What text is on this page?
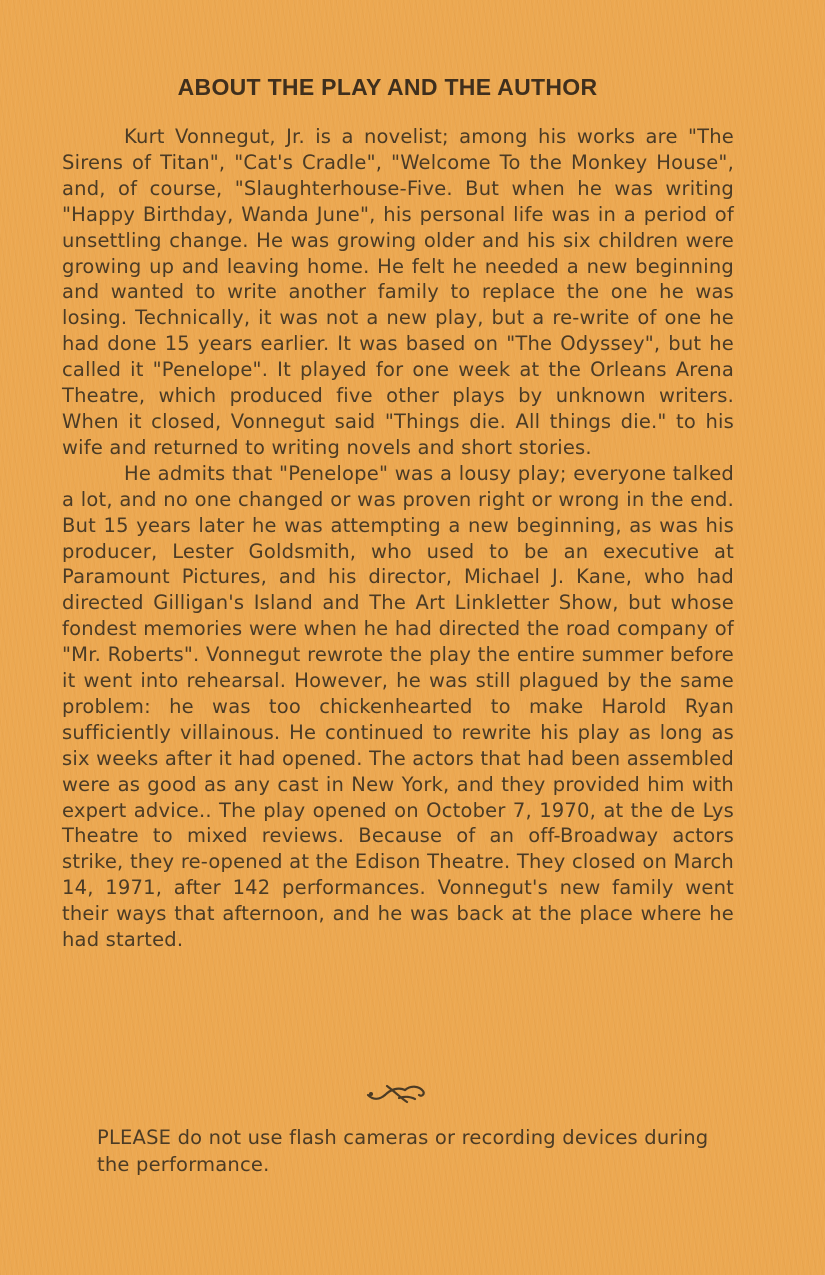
ABOUT THE PLAY AND THE AUTHOR

Kurt Vonnegut, Jr. is a novelist; among his works are "The Sirens of Titan", "Cat's Cradle", "Welcome To the Monkey House", and, of course, "Slaughterhouse-Five. But when he was writing "Happy Birthday, Wanda June", his personal life was in a period of unsettling change. He was growing older and his six children were growing up and leaving home. He felt he needed a new beginning and wanted to write another family to replace the one he was losing. Technically, it was not a new play, but a re-write of one he had done 15 years earlier. It was based on "The Odyssey", but he called it "Penelope". It played for one week at the Orleans Arena Theatre, which produced five other plays by unknown writers. When it closed, Vonnegut said "Things die. All things die." to his wife and returned to writing novels and short stories.

He admits that "Penelope" was a lousy play; everyone talked a lot, and no one changed or was proven right or wrong in the end. But 15 years later he was attempting a new beginning, as was his producer, Lester Goldsmith, who used to be an executive at Paramount Pictures, and his director, Michael J. Kane, who had directed Gilligan's Island and The Art Linkletter Show, but whose fondest memories were when he had directed the road company of "Mr. Roberts". Vonnegut rewrote the play the entire summer before it went into rehearsal. However, he was still plagued by the same problem: he was too chickenhearted to make Harold Ryan sufficiently villainous. He continued to rewrite his play as long as six weeks after it had opened. The actors that had been assembled were as good as any cast in New York, and they provided him with expert advice.. The play opened on October 7, 1970, at the de Lys Theatre to mixed reviews. Because of an off-Broadway actors strike, they re-opened at the Edison Theatre. They closed on March 14, 1971, after 142 performances. Vonnegut's new family went their ways that afternoon, and he was back at the place where he had started.

PLEASE do not use flash cameras or recording devices during the performance.
